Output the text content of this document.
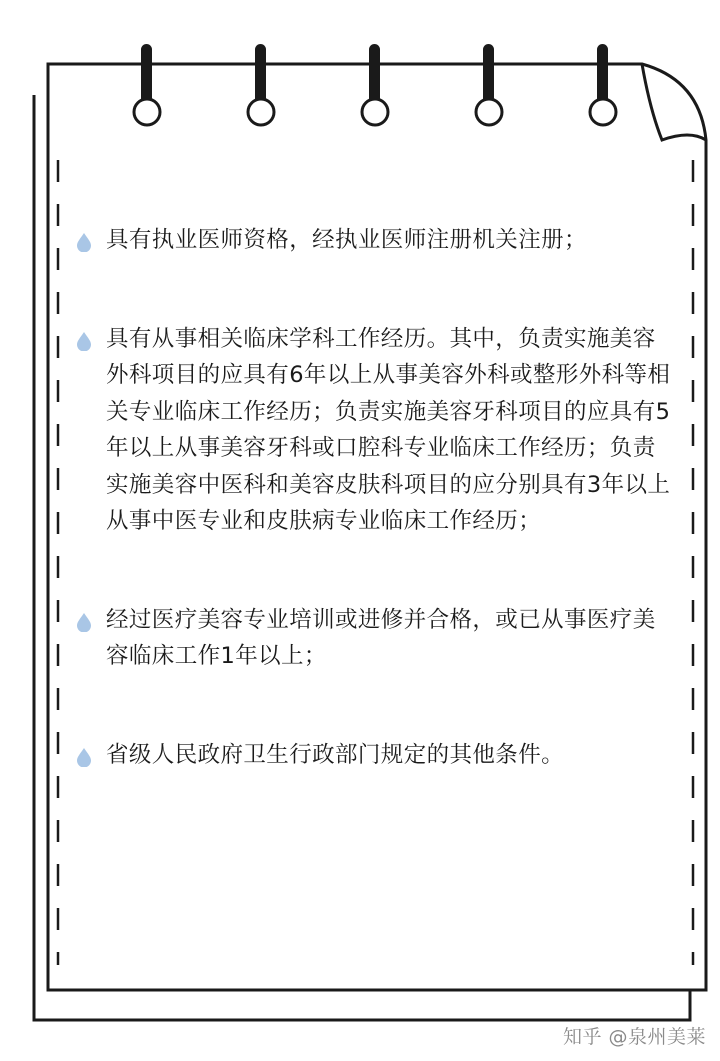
具有执业医师资格，经执业医师注册机关注册；
具有从事相关临床学科工作经历。其中，负责实施美容外科项目的应具有6年以上从事美容外科或整形外科等相关专业临床工作经历；负责实施美容牙科项目的应具有5年以上从事美容牙科或口腔科专业临床工作经历；负责实施美容中医科和美容皮肤科项目的应分别具有3年以上从事中医专业和皮肤病专业临床工作经历；
经过医疗美容专业培训或进修并合格，或已从事医疗美容临床工作1年以上；
省级人民政府卫生行政部门规定的其他条件。
知乎 @泉州美莱
